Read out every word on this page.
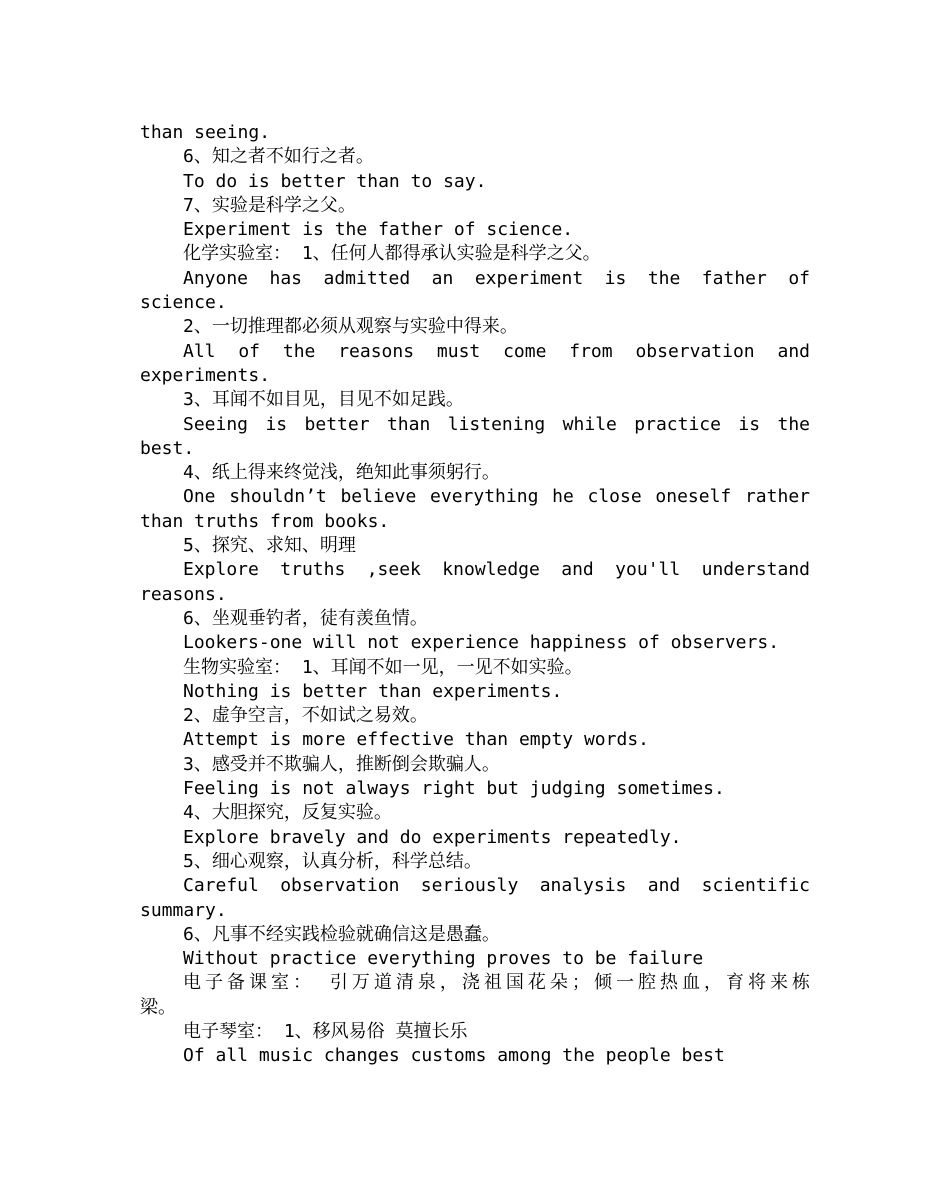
than seeing.
6、知之者不如行之者。
To do is better than to say.
7、实验是科学之父。
Experiment is the father of science.
化学实验室： 1、任何人都得承认实验是科学之父。
Anyone has admitted an experiment is the father of
science.
2、一切推理都必须从观察与实验中得来。
All of the reasons must come from observation and
experiments.
3、耳闻不如目见，目见不如足践。
Seeing is better than listening while practice is the
best.
4、纸上得来终觉浅，绝知此事须躬行。
One shouldn’t believe everything he close oneself rather
than truths from books.
5、探究、求知、明理
Explore truths ,seek knowledge and you'll understand
reasons.
6、坐观垂钓者，徒有羡鱼情。
Lookers-one will not experience happiness of observers.
生物实验室： 1、耳闻不如一见，一见不如实验。
Nothing is better than experiments.
2、虚争空言，不如试之易效。
Attempt is more effective than empty words.
3、感受并不欺骗人，推断倒会欺骗人。
Feeling is not always right but judging sometimes.
4、大胆探究，反复实验。
Explore bravely and do experiments repeatedly.
5、细心观察，认真分析，科学总结。
Careful observation seriously analysis and scientific
summary.
6、凡事不经实践检验就确信这是愚蠢。
Without practice everything proves to be failure
电子备课室： 引万道清泉，浇祖国花朵；倾一腔热血，育将来栋
梁。
电子琴室： 1、移风易俗 莫擅长乐
Of all music changes customs among the people best
